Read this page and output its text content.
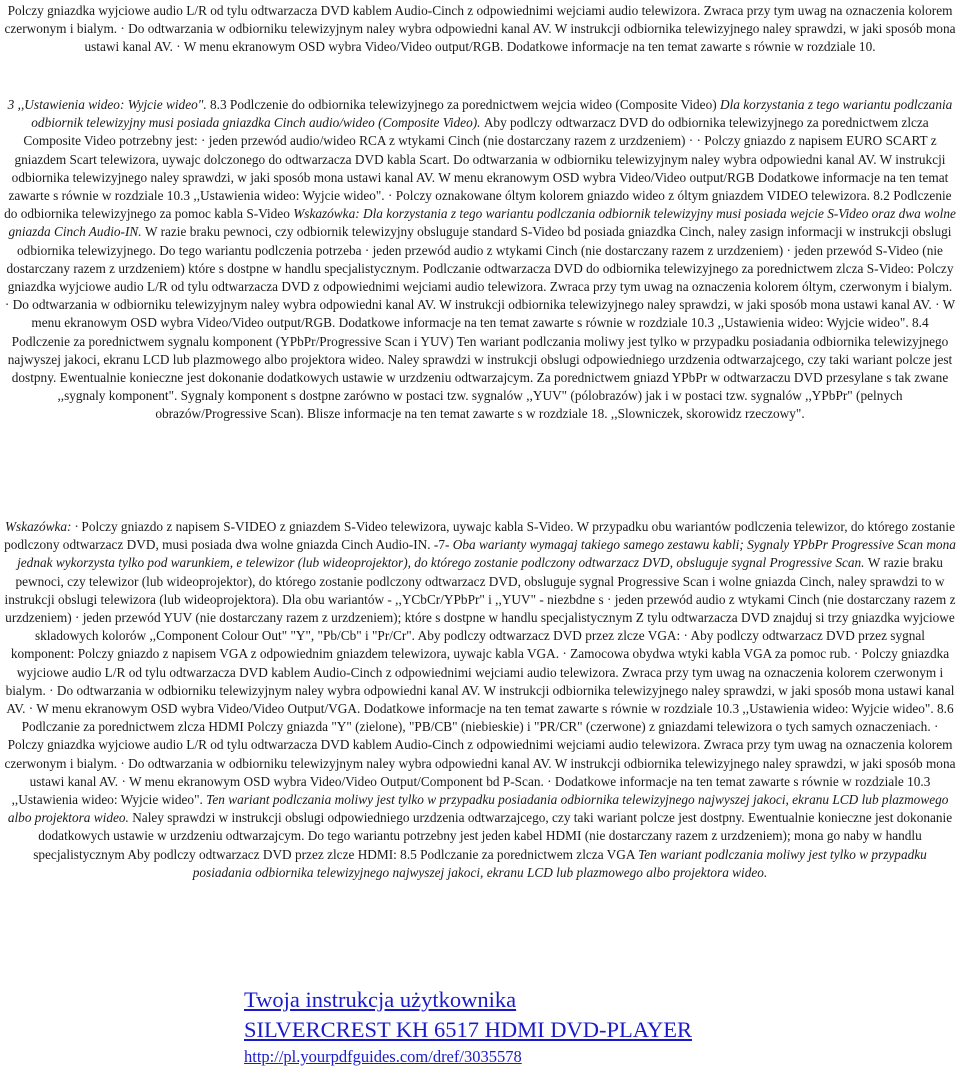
Polczy gniazdka wyjciowe audio L/R od tylu odtwarzacza DVD kablem Audio-Cinch z odpowiednimi wejciami audio telewizora. Zwraca przy tym uwag na oznaczenia kolorem czerwonym i bialym. · Do odtwarzania w odbiorniku telewizyjnym naley wybra odpowiedni kanal AV. W instrukcji odbiornika telewizyjnego naley sprawdzi, w jaki sposób mona ustawi kanal AV. · W menu ekranowym OSD wybra Video/Video output/RGB. Dodatkowe informacje na ten temat zawarte s równie w rozdziale 10.

3 ,,Ustawienia wideo: Wyjcie wideo". 8.3 Podlczenie do odbiornika telewizyjnego za porednictwem wejcia wideo (Composite Video) Dla korzystania z tego wariantu podlczania odbiornik telewizyjny musi posiada gniazdka Cinch audio/wideo (Composite Video). Aby podlczy odtwarzacz DVD do odbiornika telewizyjnego za porednictwem zlcza Composite Video potrzebny jest: · jeden przewód audio/wideo RCA z wtykami Cinch (nie dostarczany razem z urzdzeniem) · · Polczy gniazdo z napisem EURO SCART z gniazdem Scart telewizora, uywajc dolczonego do odtwarzacza DVD kabla Scart. Do odtwarzania w odbiorniku telewizyjnym naley wybra odpowiedni kanal AV. W instrukcji odbiornika telewizyjnego naley sprawdzi, w jaki sposób mona ustawi kanal AV. W menu ekranowym OSD wybra Video/Video output/RGB Dodatkowe informacje na ten temat zawarte s równie w rozdziale 10.3 ,,Ustawienia wideo: Wyjcie wideo". · Polczy oznakowane óltym kolorem gniazdo wideo z óltym gniazdem VIDEO telewizora. 8.2 Podlczenie do odbiornika telewizyjnego za pomoc kabla S-Video Wskazówka: Dla korzystania z tego wariantu podlczania odbiornik telewizyjny musi posiada wejcie S-Video oraz dwa wolne gniazda Cinch Audio-IN. W razie braku pewnoci, czy odbiornik telewizyjny obsluguje standard S-Video bd posiada gniazdka Cinch, naley zasign informacji w instrukcji obslugi odbiornika telewizyjnego. Do tego wariantu podlczenia potrzeba · jeden przewód audio z wtykami Cinch (nie dostarczany razem z urzdzeniem) · jeden przewód S-Video (nie dostarczany razem z urzdzeniem) które s dostpne w handlu specjalistycznym. Podlczanie odtwarzacza DVD do odbiornika telewizyjnego za porednictwem zlcza S-Video: Polczy gniazdka wyjciowe audio L/R od tylu odtwarzacza DVD z odpowiednimi wejciami audio telewizora. Zwraca przy tym uwag na oznaczenia kolorem óltym, czerwonym i bialym. · Do odtwarzania w odbiorniku telewizyjnym naley wybra odpowiedni kanal AV. W instrukcji odbiornika telewizyjnego naley sprawdzi, w jaki sposób mona ustawi kanal AV. · W menu ekranowym OSD wybra Video/Video output/RGB. Dodatkowe informacje na ten temat zawarte s równie w rozdziale 10.3 ,,Ustawienia wideo: Wyjcie wideo". 8.4 Podlczenie za porednictwem sygnalu komponent (YPbPr/Progressive Scan i YUV) Ten wariant podlczania moliwy jest tylko w przypadku posiadania odbiornika telewizyjnego najwyszej jakoci, ekranu LCD lub plazmowego albo projektora wideo. Naley sprawdzi w instrukcji obslugi odpowiedniego urzdzenia odtwarzajcego, czy taki wariant polcze jest dostpny. Ewentualnie konieczne jest dokonanie dodatkowych ustawie w urzdzeniu odtwarzajcym. Za porednictwem gniazd YPbPr w odtwarzaczu DVD przesylane s tak zwane ,,sygnaly komponent". Sygnaly komponent s dostpne zarówno w postaci tzw. sygnalów ,,YUV" (pólobrazów) jak i w postaci tzw. sygnalów ,,YPbPr" (pelnych obrazów/Progressive Scan). Blisze informacje na ten temat zawarte s w rozdziale 18. ,,Slowniczek, skorowidz rzeczowy".

Wskazówka: · Polczy gniazdo z napisem S-VIDEO z gniazdem S-Video telewizora, uywajc kabla S-Video. W przypadku obu wariantów podlczenia telewizor, do którego zostanie podlczony odtwarzacz DVD, musi posiada dwa wolne gniazda Cinch Audio-IN. -7- Oba warianty wymagaj takiego samego zestawu kabli; Sygnaly YPbPr Progressive Scan mona jednak wykorzysta tylko pod warunkiem, e telewizor (lub wideoprojektor), do którego zostanie podlczony odtwarzacz DVD, obsluguje sygnal Progressive Scan. W razie braku pewnoci, czy telewizor (lub wideoprojektor), do którego zostanie podlczony odtwarzacz DVD, obsluguje sygnal Progressive Scan i wolne gniazda Cinch, naley sprawdzi to w instrukcji obslugi telewizora (lub wideoprojektora). Dla obu wariantów - ,,YCbCr/YPbPr" i ,,YUV" - niezbdne s · jeden przewód audio z wtykami Cinch (nie dostarczany razem z urzdzeniem) · jeden przewód YUV (nie dostarczany razem z urzdzeniem); które s dostpne w handlu specjalistycznym Z tylu odtwarzacza DVD znajduj si trzy gniazdka wyjciowe skladowych kolorów ,,Component Colour Out" "Y", "Pb/Cb" i "Pr/Cr". Aby podlczy odtwarzacz DVD przez zlcze VGA: · Aby podlczy odtwarzacz DVD przez sygnal komponent: Polczy gniazdo z napisem VGA z odpowiednim gniazdem telewizora, uywajc kabla VGA. · Zamocowa obydwa wtyki kabla VGA za pomoc rub. · Polczy gniazdka wyjciowe audio L/R od tylu odtwarzacza DVD kablem Audio-Cinch z odpowiednimi wejciami audio telewizora. Zwraca przy tym uwag na oznaczenia kolorem czerwonym i bialym. · Do odtwarzania w odbiorniku telewizyjnym naley wybra odpowiedni kanal AV. W instrukcji odbiornika telewizyjnego naley sprawdzi, w jaki sposób mona ustawi kanal AV. · W menu ekranowym OSD wybra Video/Video Output/VGA. Dodatkowe informacje na ten temat zawarte s równie w rozdziale 10.3 ,,Ustawienia wideo: Wyjcie wideo". 8.6 Podlczanie za porednictwem zlcza HDMI Polczy gniazda "Y" (zielone), "PB/CB" (niebieskie) i "PR/CR" (czerwone) z gniazdami telewizora o tych samych oznaczeniach. · Polczy gniazdka wyjciowe audio L/R od tylu odtwarzacza DVD kablem Audio-Cinch z odpowiednimi wejciami audio telewizora. Zwraca przy tym uwag na oznaczenia kolorem czerwonym i bialym. · Do odtwarzania w odbiorniku telewizyjnym naley wybra odpowiedni kanal AV. W instrukcji odbiornika telewizyjnego naley sprawdzi, w jaki sposób mona ustawi kanal AV. · W menu ekranowym OSD wybra Video/Video Output/Component bd P-Scan. · Dodatkowe informacje na ten temat zawarte s równie w rozdziale 10.3 ,,Ustawienia wideo: Wyjcie wideo". Ten wariant podlczania moliwy jest tylko w przypadku posiadania odbiornika telewizyjnego najwyszej jakoci, ekranu LCD lub plazmowego albo projektora wideo. Naley sprawdzi w instrukcji obslugi odpowiedniego urzdzenia odtwarzajcego, czy taki wariant polcze jest dostpny. Ewentualnie konieczne jest dokonanie dodatkowych ustawie w urzdzeniu odtwarzajcym. Do tego wariantu potrzebny jest jeden kabel HDMI (nie dostarczany razem z urzdzeniem); mona go naby w handlu specjalistycznym Aby podlczy odtwarzacz DVD przez zlcze HDMI: 8.5 Podlczanie za porednictwem zlcza VGA Ten wariant podlczania moliwy jest tylko w przypadku posiadania odbiornika telewizyjnego najwyszej jakoci, ekranu LCD lub plazmowego albo projektora wideo.

Twoja instrukcja użytkownika
SILVERCREST KH 6517 HDMI DVD-PLAYER
http://pl.yourpdfguides.com/dref/3035578
